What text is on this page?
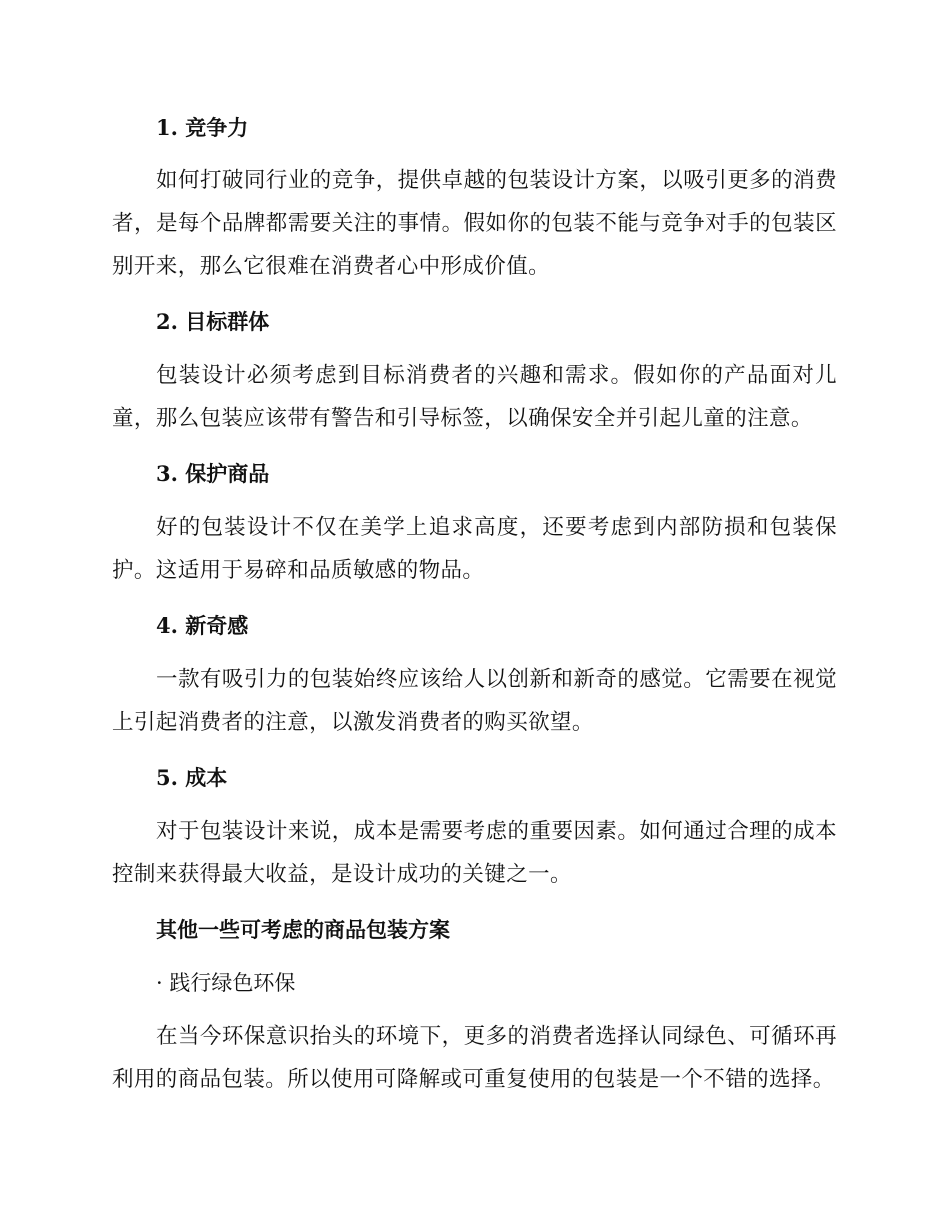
1. 竞争力
如何打破同行业的竞争，提供卓越的包装设计方案，以吸引更多的消费者，是每个品牌都需要关注的事情。假如你的包装不能与竞争对手的包装区别开来，那么它很难在消费者心中形成价值。
2. 目标群体
包装设计必须考虑到目标消费者的兴趣和需求。假如你的产品面对儿童，那么包装应该带有警告和引导标签，以确保安全并引起儿童的注意。
3. 保护商品
好的包装设计不仅在美学上追求高度，还要考虑到内部防损和包装保护。这适用于易碎和品质敏感的物品。
4. 新奇感
一款有吸引力的包装始终应该给人以创新和新奇的感觉。它需要在视觉上引起消费者的注意，以激发消费者的购买欲望。
5. 成本
对于包装设计来说，成本是需要考虑的重要因素。如何通过合理的成本控制来获得最大收益，是设计成功的关键之一。
其他一些可考虑的商品包装方案
· 践行绿色环保
在当今环保意识抬头的环境下，更多的消费者选择认同绿色、可循环再利用的商品包装。所以使用可降解或可重复使用的包装是一个不错的选择。
